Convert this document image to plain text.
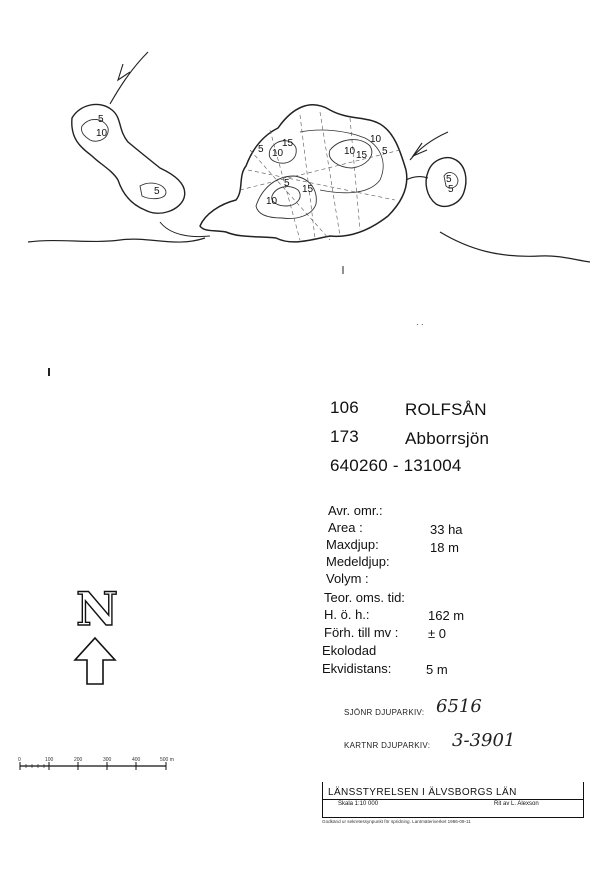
5
10
5
10
5
15
10
5
10
15
15
10	5
5
5
· ·
106	ROLFSÅN
173	Abborrsjön
640260 - 131004
Avr. omr.:
Area :	33 ha
Maxdjup:	18 m
Medeldjup:
Volym :
Teor. oms. tid:
H. ö. h.:	162 m
Förh. till mv : ± 0
Ekolodad
Ekvidistans:	5 m
SJÖNR DJUPARKIV: 6516
KARTNR DJUPARKIV: 3-3901
N
0	100	200	300	400	500 m
LÄNSSTYRELSEN I ÄLVSBORGS LÄN
Skala 1:10 000	Rit av L. Alexson
Godkänd ur sekretessynpunkt för spridning. Lantmäteriverket 1986-09-11
